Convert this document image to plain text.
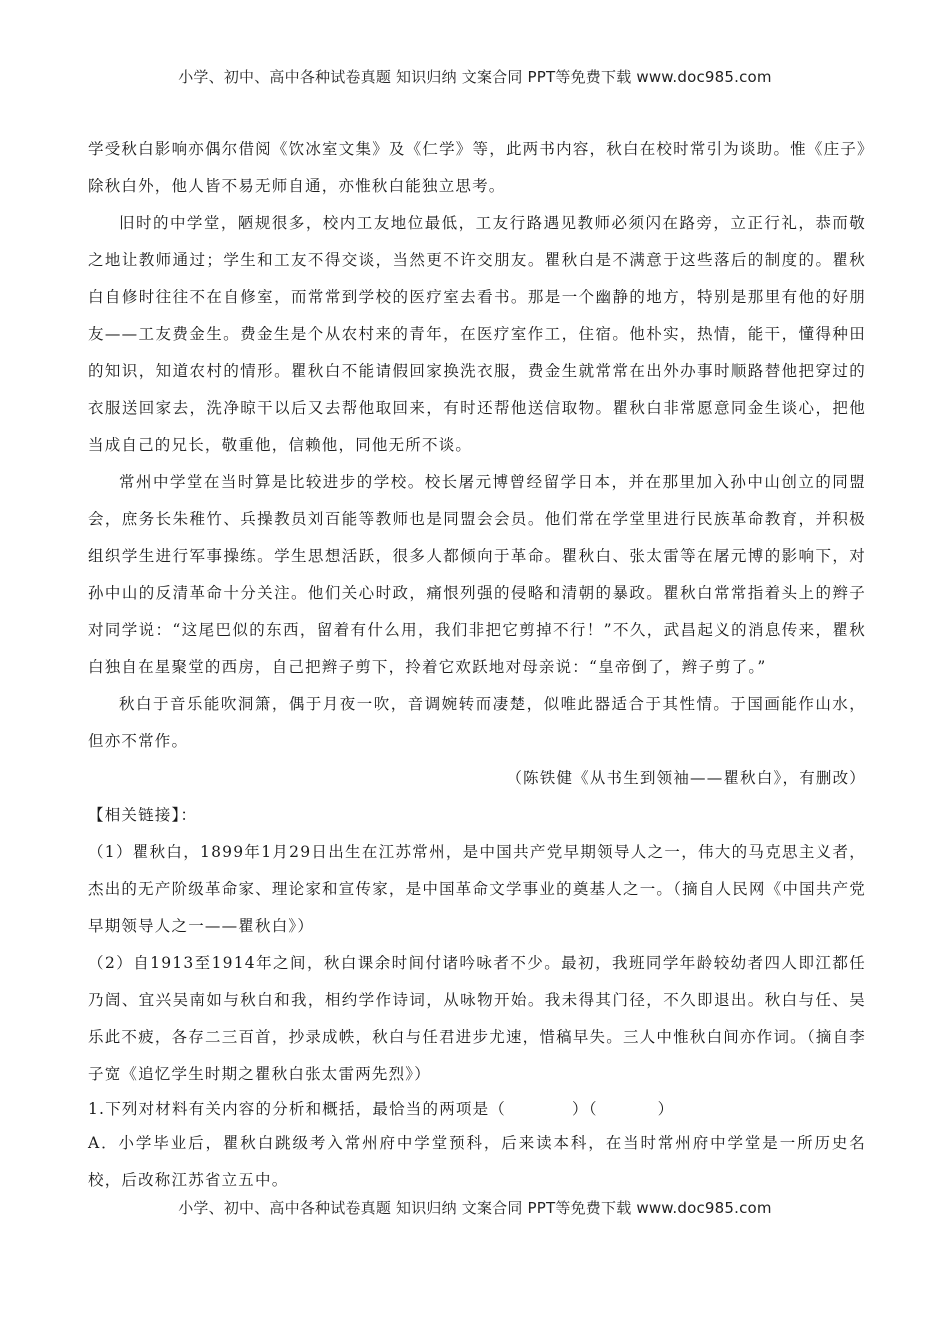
小学、初中、高中各种试卷真题 知识归纳 文案合同 PPT等免费下载 www.doc985.com

学受秋白影响亦偶尔借阅《饮冰室文集》及《仁学》等，此两书内容，秋白在校时常引为谈助。惟《庄子》除秋白外，他人皆不易无师自通，亦惟秋白能独立思考。

旧时的中学堂，陋规很多，校内工友地位最低，工友行路遇见教师必须闪在路旁，立正行礼，恭而敬之地让教师通过；学生和工友不得交谈，当然更不许交朋友。瞿秋白是不满意于这些落后的制度的。瞿秋白自修时往往不在自修室，而常常到学校的医疗室去看书。那是一个幽静的地方，特别是那里有他的好朋友——工友费金生。费金生是个从农村来的青年，在医疗室作工，住宿。他朴实，热情，能干，懂得种田的知识，知道农村的情形。瞿秋白不能请假回家换洗衣服，费金生就常常在出外办事时顺路替他把穿过的衣服送回家去，洗净晾干以后又去帮他取回来，有时还帮他送信取物。瞿秋白非常愿意同金生谈心，把他当成自己的兄长，敬重他，信赖他，同他无所不谈。

常州中学堂在当时算是比较进步的学校。校长屠元博曾经留学日本，并在那里加入孙中山创立的同盟会，庶务长朱稚竹、兵操教员刘百能等教师也是同盟会会员。他们常在学堂里进行民族革命教育，并积极组织学生进行军事操练。学生思想活跃，很多人都倾向于革命。瞿秋白、张太雷等在屠元博的影响下，对孙中山的反清革命十分关注。他们关心时政，痛恨列强的侵略和清朝的暴政。瞿秋白常常指着头上的辫子对同学说：“这尾巴似的东西，留着有什么用，我们非把它剪掉不行！”不久，武昌起义的消息传来，瞿秋白独自在星聚堂的西房，自己把辫子剪下，拎着它欢跃地对母亲说：“皇帝倒了，辫子剪了。”

秋白于音乐能吹洞箫，偶于月夜一吹，音调婉转而凄楚，似唯此器适合于其性情。于国画能作山水，但亦不常作。

（陈铁健《从书生到领袖——瞿秋白》，有删改）

【相关链接】：

（1）瞿秋白，1899年1月29日出生在江苏常州，是中国共产党早期领导人之一，伟大的马克思主义者，杰出的无产阶级革命家、理论家和宣传家，是中国革命文学事业的奠基人之一。（摘自人民网《中国共产党早期领导人之一——瞿秋白》）

（2）自1913至1914年之间，秋白课余时间付诸吟咏者不少。最初，我班同学年龄较幼者四人即江都任乃訚、宜兴吴南如与秋白和我，相约学作诗词，从咏物开始。我未得其门径，不久即退出。秋白与任、吴乐此不疲，各存二三百首，抄录成帙，秋白与任君进步尤速，惜稿早失。三人中惟秋白间亦作词。（摘自李子宽《追忆学生时期之瞿秋白张太雷两先烈》）

1.下列对材料有关内容的分析和概括，最恰当的两项是（	）（	）

A．小学毕业后，瞿秋白跳级考入常州府中学堂预科，后来读本科，在当时常州府中学堂是一所历史名校，后改称江苏省立五中。

小学、初中、高中各种试卷真题 知识归纳 文案合同 PPT等免费下载 www.doc985.com
